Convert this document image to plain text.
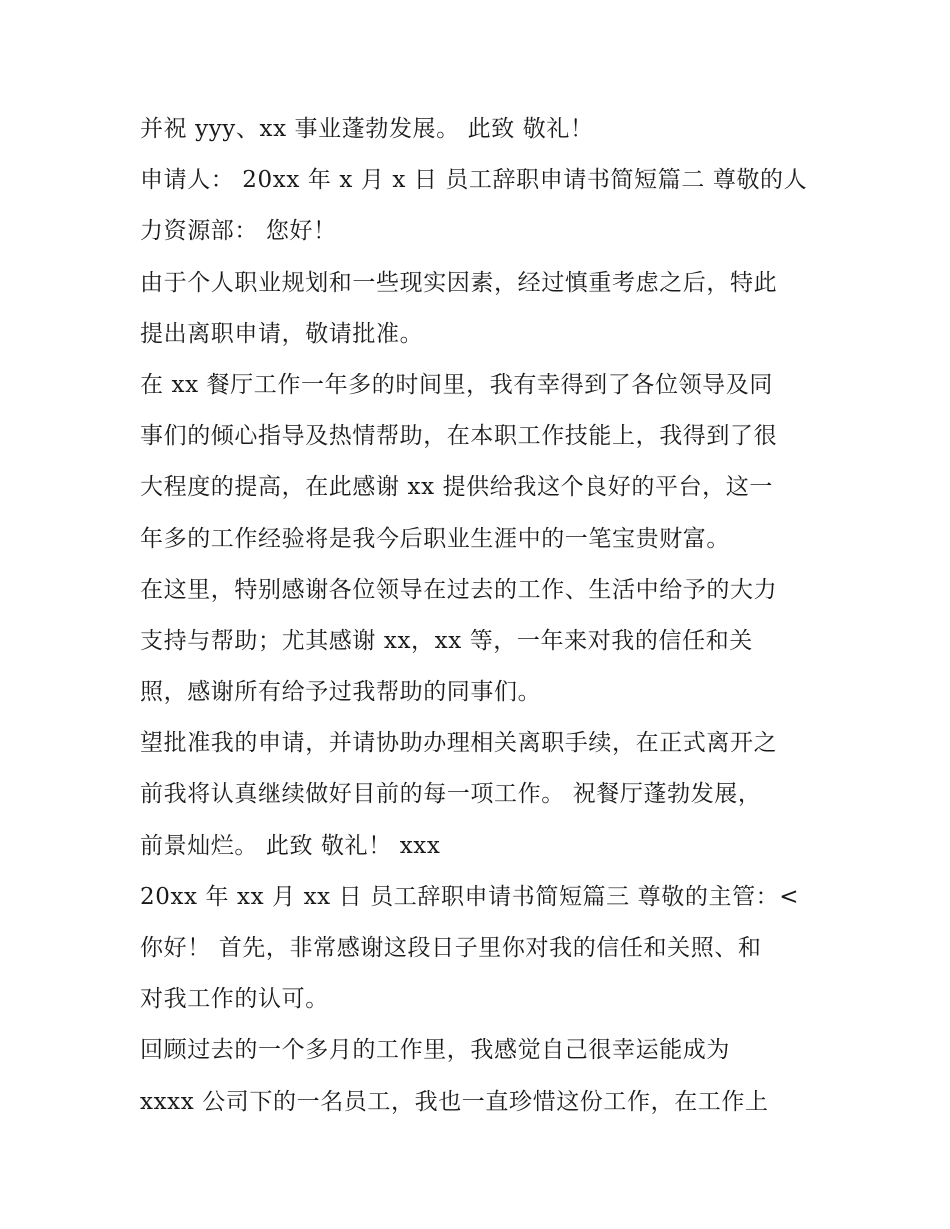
并祝 yyy、xx 事业蓬勃发展。 此致 敬礼！
申请人： 20xx 年 x 月 x 日 员工辞职申请书简短篇二 尊敬的人
力资源部： 您好！
由于个人职业规划和一些现实因素，经过慎重考虑之后，特此
提出离职申请，敬请批准。
在 xx 餐厅工作一年多的时间里，我有幸得到了各位领导及同
事们的倾心指导及热情帮助，在本职工作技能上，我得到了很
大程度的提高，在此感谢 xx 提供给我这个良好的平台，这一
年多的工作经验将是我今后职业生涯中的一笔宝贵财富。
在这里，特别感谢各位领导在过去的工作、生活中给予的大力
支持与帮助；尤其感谢 xx，xx 等，一年来对我的信任和关
照，感谢所有给予过我帮助的同事们。
望批准我的申请，并请协助办理相关离职手续，在正式离开之
前我将认真继续做好目前的每一项工作。 祝餐厅蓬勃发展，
前景灿烂。 此致 敬礼！ xxx
20xx 年 xx 月 xx 日 员工辞职申请书简短篇三 尊敬的主管：<
你好！ 首先，非常感谢这段日子里你对我的信任和关照、和
对我工作的认可。
回顾过去的一个多月的工作里，我感觉自己很幸运能成为
xxxx 公司下的一名员工，我也一直珍惜这份工作，在工作上
